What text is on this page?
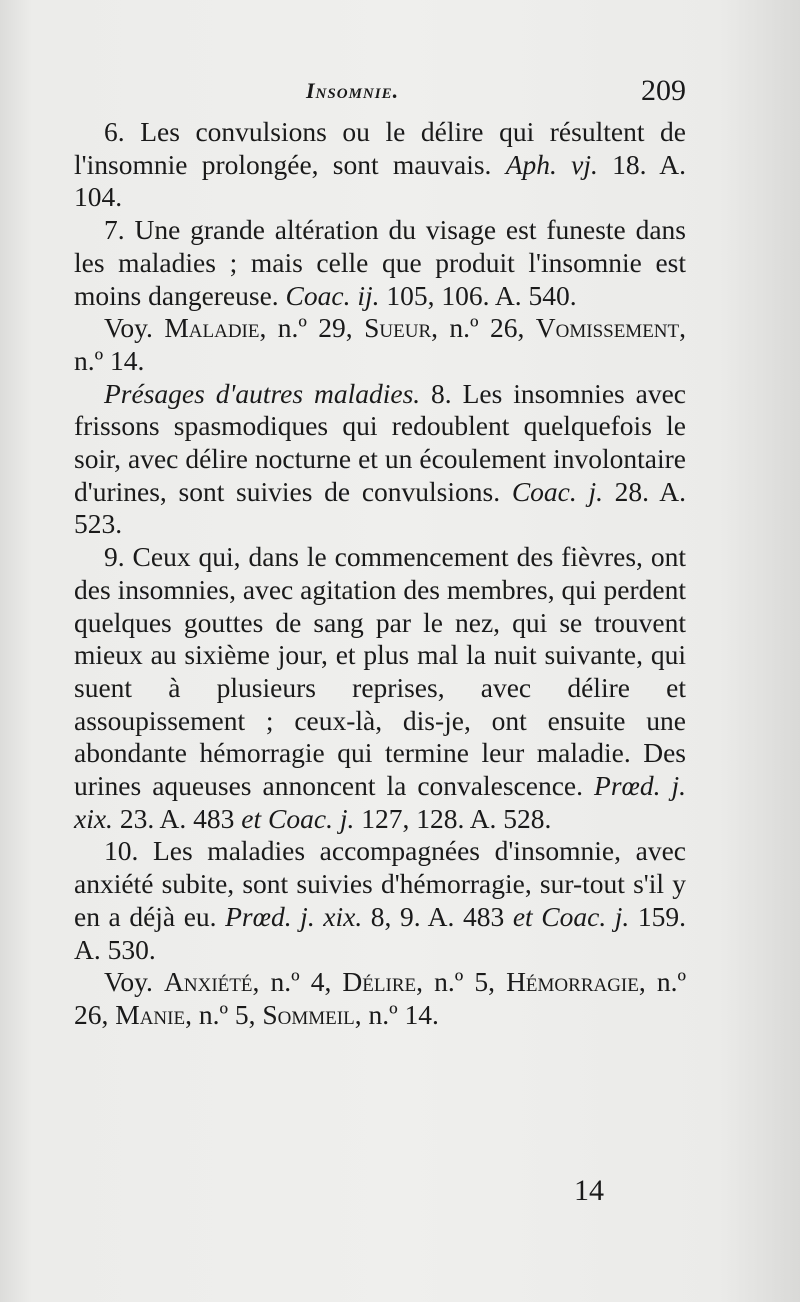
Insomnie.	209

6. Les convulsions ou le délire qui résultent de l'insomnie prolongée, sont mauvais. Aph. vj. 18. A. 104.

7. Une grande altération du visage est funeste dans les maladies ; mais celle que produit l'insomnie est moins dangereuse. Coac. ij. 105, 106. A. 540.

Voy. Maladie, n.º 29, Sueur, n.º 26, Vomissement, n.º 14.

Présages d'autres maladies. 8. Les insomnies avec frissons spasmodiques qui redoublent quelquefois le soir, avec délire nocturne et un écoulement involontaire d'urines, sont suivies de convulsions. Coac. j. 28. A. 523.

9. Ceux qui, dans le commencement des fièvres, ont des insomnies, avec agitation des membres, qui perdent quelques gouttes de sang par le nez, qui se trouvent mieux au sixième jour, et plus mal la nuit suivante, qui suent à plusieurs reprises, avec délire et assoupissement ; ceux-là, dis-je, ont ensuite une abondante hémorragie qui termine leur maladie. Des urines aqueuses annoncent la convalescence. Prœd. j. xix. 23. A. 483 et Coac. j. 127, 128. A. 528.

10. Les maladies accompagnées d'insomnie, avec anxiété subite, sont suivies d'hémorragie, sur-tout s'il y en a déjà eu. Prœd. j. xix. 8, 9. A. 483 et Coac. j. 159. A. 530.

Voy. Anxiété, n.º 4, Délire, n.º 5, Hémorragie, n.º 26, Manie, n.º 5, Sommeil, n.º 14.

14
